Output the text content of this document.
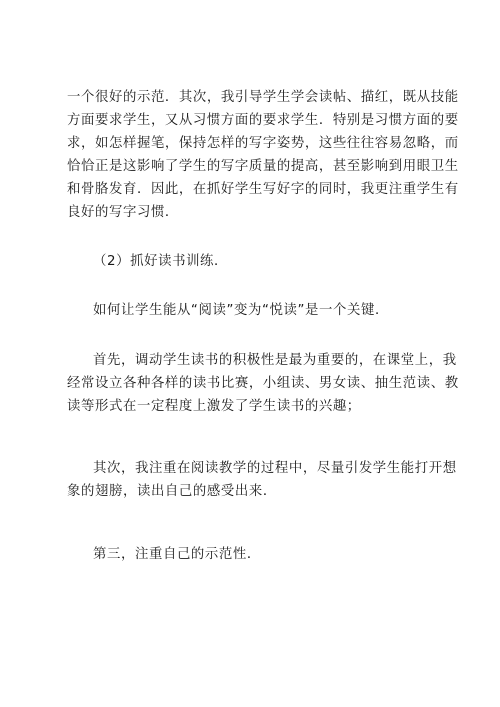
一个很好的示范．其次，我引导学生学会读帖、描红，既从技能
方面要求学生，又从习惯方面的要求学生．特别是习惯方面的要
求，如怎样握笔，保持怎样的写字姿势，这些往往容易忽略，而
恰恰正是这影响了学生的写字质量的提高，甚至影响到用眼卫生
和骨胳发育．因此，在抓好学生写好字的同时，我更注重学生有
良好的写字习惯．
（2）抓好读书训练．
如何让学生能从“阅读”变为“悦读”是一个关键．
首先，调动学生读书的积极性是最为重要的，在课堂上，我
经常设立各种各样的读书比赛，小组读、男女读、抽生范读、教
读等形式在一定程度上激发了学生读书的兴趣；
其次，我注重在阅读教学的过程中，尽量引发学生能打开想
象的翅膀，读出自己的感受出来．
第三，注重自己的示范性．
